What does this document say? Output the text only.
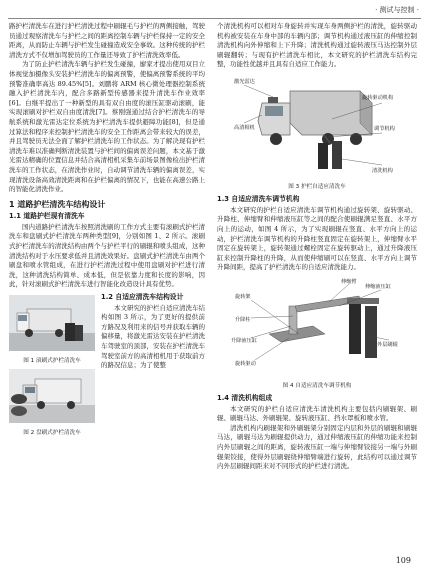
· 测试与控制 ·

路护栏清洗车在进行护栏清洗过程中刷辊毛与护栏的两侧接触，驾驶员通过观察清洗车与护栏之间的距离控制车辆与护栏保持一定的安全距离，从而防止车辆与护栏发生碰撞造成安全事故。这种传统的护栏清洗方式不仅增加驾驶员的工作量还导致了护栏清洗效率低。

为了防止护栏清洗车辆与护栏发生碰撞，廖家才提出使用双目立体视觉加摄像头安装护栏清洗车的偏离预警，使偏离预警系统的平均预警准确率高达 89.45%[5]。刘鹏将 ARM 核心微处理器控制系统融入护栏清洗车内，配合多路新型传感器来提升清洗车作业效率[6]。白继平提出了一种新型的具有双自由度的滚压缸驱动滚刷，能实现滚刷对护栏双自由度清洗[7]。蔡刚强通过结合护栏清洗车的导航系统和激光雷达定位系统为护栏清洗车提供避障功能[8]，但是通过算法和程序来控制护栏清洗车的安全工作距离会带来较大的误差，并且驾驶员无法全面了解护栏清洗车的工作状态。为了解决现有护栏清洗车难以准确判断清洗装置与护栏间的偏离误差问题，本文基于激光雷达精确的位置信息并结合高清相机采集车前场景图像检出护栏清洗车的工作状态，在清洗作业时，自动调节清洗车辆的偏离误差，实现清洗设备高效清洗距离和在护栏偏离的情况下，也能在高速公路上的智能化清洗作业。

1 道路护栏清洗车结构设计
1.1 道路护栏现有清洗车

国内道路护栏清洗车按照清洗刷的工作方式主要有滚刷式护栏清洗车和盘刷式护栏清洗车两种类型[9]，分别如图 1、2 所示。滚刷式护栏清洗车的清洗结构由两个与护栏平行的刷辊和喷头组成，这种清洗结构对于水压要求低并且清洗效果好。盘刷式护栏清洗车由两个刷盘和喷水管组成，在进行护栏清洗过程中使用盘刷对护栏进行清洗，这种清洗结构简单、成本低，但是依靠力度和长度的影响，因此，针对滚刷式护栏清洗车进行智能化改造设计具有优势。

图 1 滚刷式护栏清洗车
图 2 盘刷式护栏清洗车
1.2 自适应清洗车结构设计

本文研究的护栏自适应清洗车结构如图 3 所示，为了更好的提供前方路况及利用来的信号并获取车辆的偏移量，将激光雷达安装在护栏清洗车驾驶室的顶部，安装在护栏清洗车驾驶室前方的高清相机用于获取前方的路况信息；为了使整

个清洗机构可以相对车身旋转并实现车身两侧护栏的清洗，旋转驱动机构被安装在车身中部的车辆内部；调节机构通过液压缸的伸缩控制清洗机构向外伸缩和上下升降；清洗机构通过旋转液压马达控制外层刷辊翻转；与现有护栏清洗车相比，本文研究的护栏清洗车结构完整，功能性优越并且具有自适应工作能力。

激光雷达
高清相机
清洗机构
调节机构
旋转驱动机构
图 3 护栏自适应清洗车
1.3 自适应清洗车调节机构

本文研究的护栏自适应清洗车调节机构通过旋转架、旋转驱动、升降柱、伸缩臂和伸缩液压缸等之间的配合使刷辊满足竖直、水平方向上的运动，如图 4 所示，为了实现刷辊在竖直、水平方向上的运动，护栏清洗车调节机构的升降柱竖直固定在旋转架上，伸缩臂水平固定在旋转架上，旋转架通过螺栓固定在旋转驱动上，通过升降液压缸来控制升降柱的升降，从而使伸缩刷可以在竖直、水平方向上调节升降间距，提高了护栏清洗车的自适应清洗能力。

旋转架
升降柱
伸缩臂
升降液压缸
外层刷辊
旋转驱动
伸缩液压缸
图 4 自适应清洗车调节机构
1.4 清洗机构组成

本文研究的护栏自适应清洗车清洗机构主要包括内刷辊架、刷辊、刷辊马达、外刷辊架、旋转液压缸、挡水罩板和喷水管。

清洗机构内刷辊架和外刷辊架分别固定内层和外层的刷辊和刷辊马达，刷辊马达为刷辊提供动力，通过伸缩液压缸的伸缩功能来控制内外层刷辊之间的距离，旋转液压缸一端与伸缩臂铰接另一端与外刷辊架铰接，使得外层刷辊绕伸缩臂端进行旋转，此结构可以通过调节内外层刷辊间距来对不同形式的护栏进行清洗。

109
